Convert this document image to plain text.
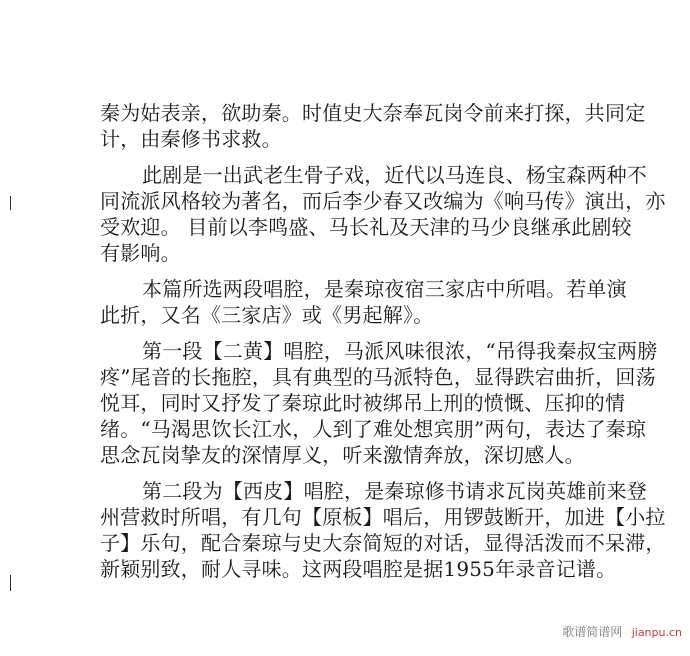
秦为姑表亲，欲助秦。时值史大奈奉瓦岗令前来打探，共同定

计，由秦修书求救。

此剧是一出武老生骨子戏，近代以马连良、杨宝森两种不

同流派风格较为著名，而后李少春又改编为《响马传》演出，亦

受欢迎。 目前以李鸣盛、马长礼及天津的马少良继承此剧较

有影响。

本篇所选两段唱腔，是秦琼夜宿三家店中所唱。若单演

此折，又名《三家店》或《男起解》。

第一段【二黄】唱腔，马派风味很浓，“吊得我秦叔宝两膀

疼”尾音的长拖腔，具有典型的马派特色，显得跌宕曲折，回荡

悦耳，同时又抒发了秦琼此时被绑吊上刑的愤慨、压抑的情

绪。“马渴思饮长江水，人到了难处想宾朋”两句，表达了秦琼

思念瓦岗挚友的深情厚义，听来激情奔放，深切感人。

第二段为【西皮】唱腔，是秦琼修书请求瓦岗英雄前来登

州营救时所唱，有几句【原板】唱后，用锣鼓断开，加进【小拉

子】乐句，配合秦琼与史大奈简短的对话，显得活泼而不呆滞，

新颖别致，耐人寻味。这两段唱腔是据1955年录音记谱。

歌谱简谱网 jianpu.cn
